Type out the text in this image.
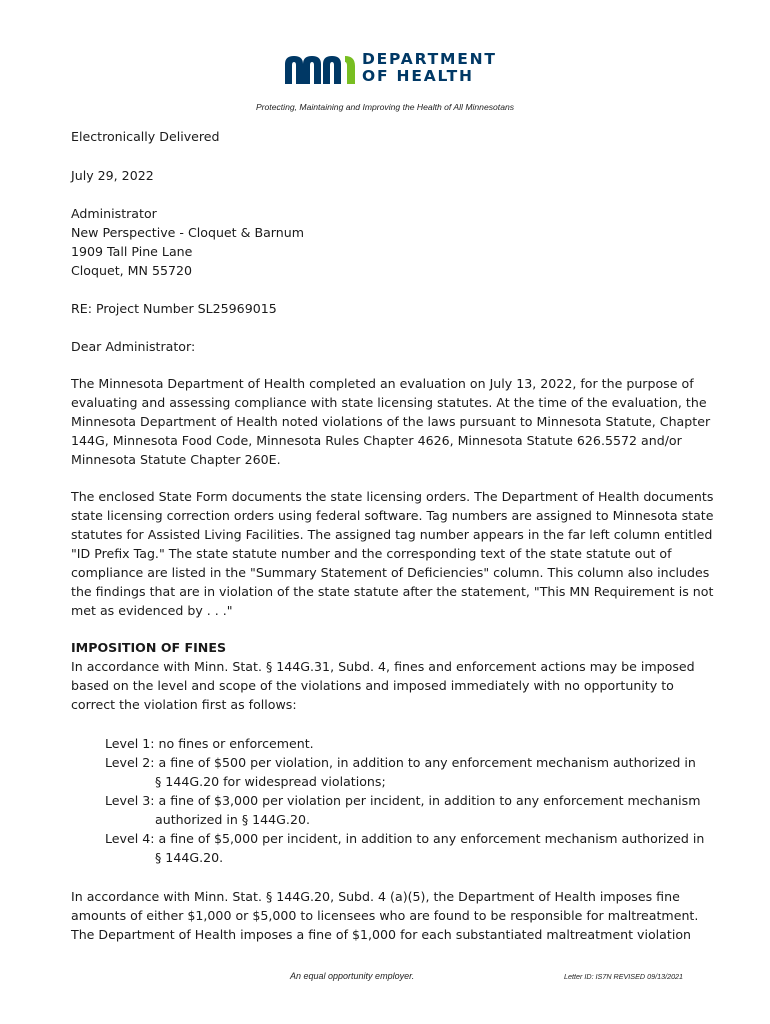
DEPARTMENT
OF HEALTH
Protecting, Maintaining and Improving the Health of All Minnesotans
Electronically Delivered
July 29, 2022
Administrator
New Perspective - Cloquet & Barnum
1909 Tall Pine Lane
Cloquet, MN 55720
RE: Project Number SL25969015
Dear Administrator:
The Minnesota Department of Health completed an evaluation on July 13, 2022, for the purpose of
evaluating and assessing compliance with state licensing statutes. At the time of the evaluation, the
Minnesota Department of Health noted violations of the laws pursuant to Minnesota Statute, Chapter
144G, Minnesota Food Code, Minnesota Rules Chapter 4626, Minnesota Statute 626.5572 and/or
Minnesota Statute Chapter 260E.
The enclosed State Form documents the state licensing orders. The Department of Health documents
state licensing correction orders using federal software. Tag numbers are assigned to Minnesota state
statutes for Assisted Living Facilities. The assigned tag number appears in the far left column entitled
"ID Prefix Tag." The state statute number and the corresponding text of the state statute out of
compliance are listed in the "Summary Statement of Deficiencies" column. This column also includes
the findings that are in violation of the state statute after the statement, "This MN Requirement is not
met as evidenced by . . ."
IMPOSITION OF FINES
In accordance with Minn. Stat. § 144G.31, Subd. 4, fines and enforcement actions may be imposed
based on the level and scope of the violations and imposed immediately with no opportunity to
correct the violation first as follows:
Level 1: no fines or enforcement.
Level 2: a fine of $500 per violation, in addition to any enforcement mechanism authorized in
§ 144G.20 for widespread violations;
Level 3: a fine of $3,000 per violation per incident, in addition to any enforcement mechanism
authorized in § 144G.20.
Level 4: a fine of $5,000 per incident, in addition to any enforcement mechanism authorized in
§ 144G.20.
In accordance with Minn. Stat. § 144G.20, Subd. 4 (a)(5), the Department of Health imposes fine
amounts of either $1,000 or $5,000 to licensees who are found to be responsible for maltreatment.
The Department of Health imposes a fine of $1,000 for each substantiated maltreatment violation
An equal opportunity employer.	Letter ID: IS7N REVISED 09/13/2021
